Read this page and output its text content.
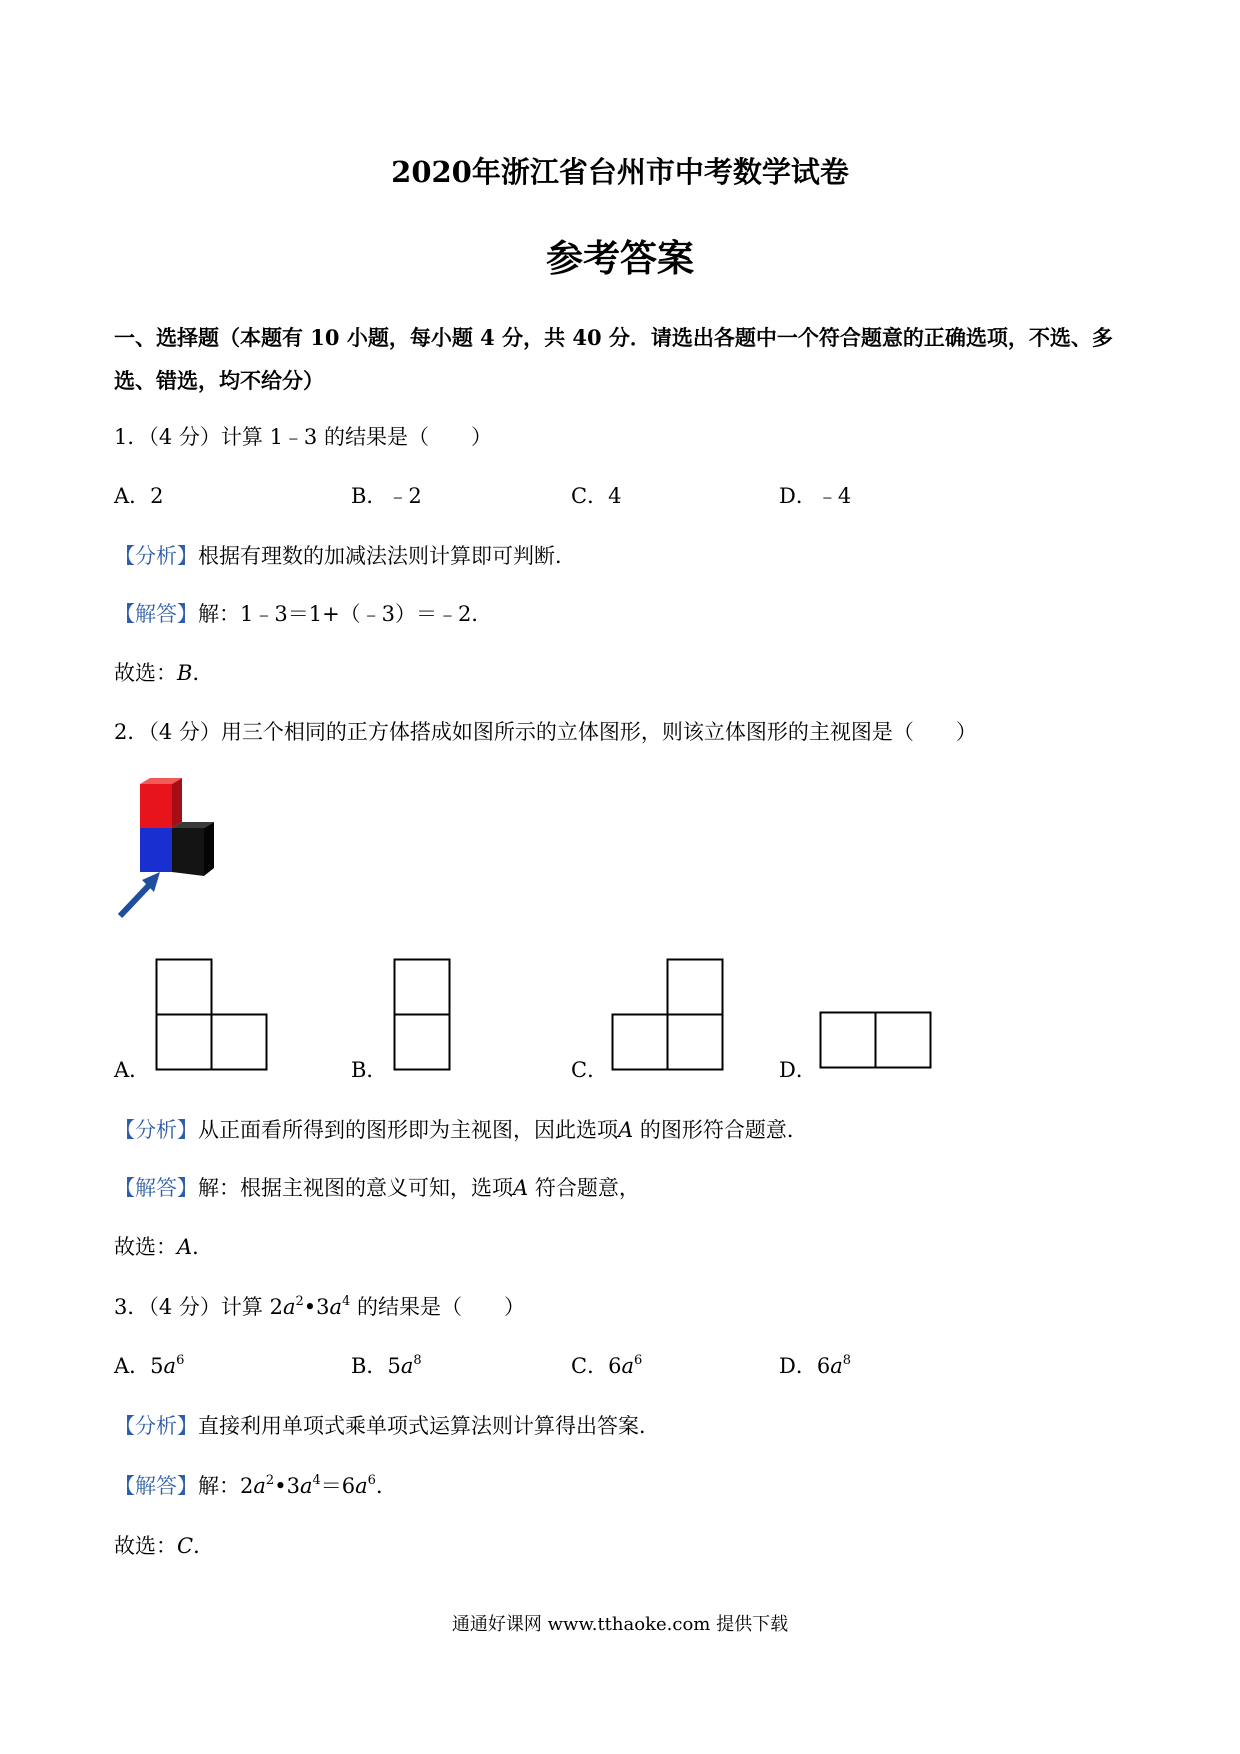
2020年浙江省台州市中考数学试卷
参考答案
一、选择题（本题有 10 小题，每小题 4 分，共 40 分．请选出各题中一个符合题意的正确选项，不选、多
选、错选，均不给分）
1．（4 分）计算 1﹣3 的结果是（　　）
A．2	B．﹣2	C．4	D．﹣4
【分析】根据有理数的加减法法则计算即可判断．
【解答】解：1﹣3＝1+（﹣3）＝﹣2．
故选：B．
2．（4 分）用三个相同的正方体搭成如图所示的立体图形，则该立体图形的主视图是（　　）
A．	B．	C．	D．
【分析】从正面看所得到的图形即为主视图，因此选项A 的图形符合题意．
【解答】解：根据主视图的意义可知，选项A 符合题意，
故选：A．
3．（4 分）计算 $2a^2•3a^4$ 的结果是（　　）
A．$5a^6$	B．$5a^8$	C．$6a^6$	D．$6a^8$
【分析】直接利用单项式乘单项式运算法则计算得出答案．
【解答】解：$2a^2•3a^4=6a^6$．
故选：C．
通通好课网 www.tthaoke.com 提供下载
